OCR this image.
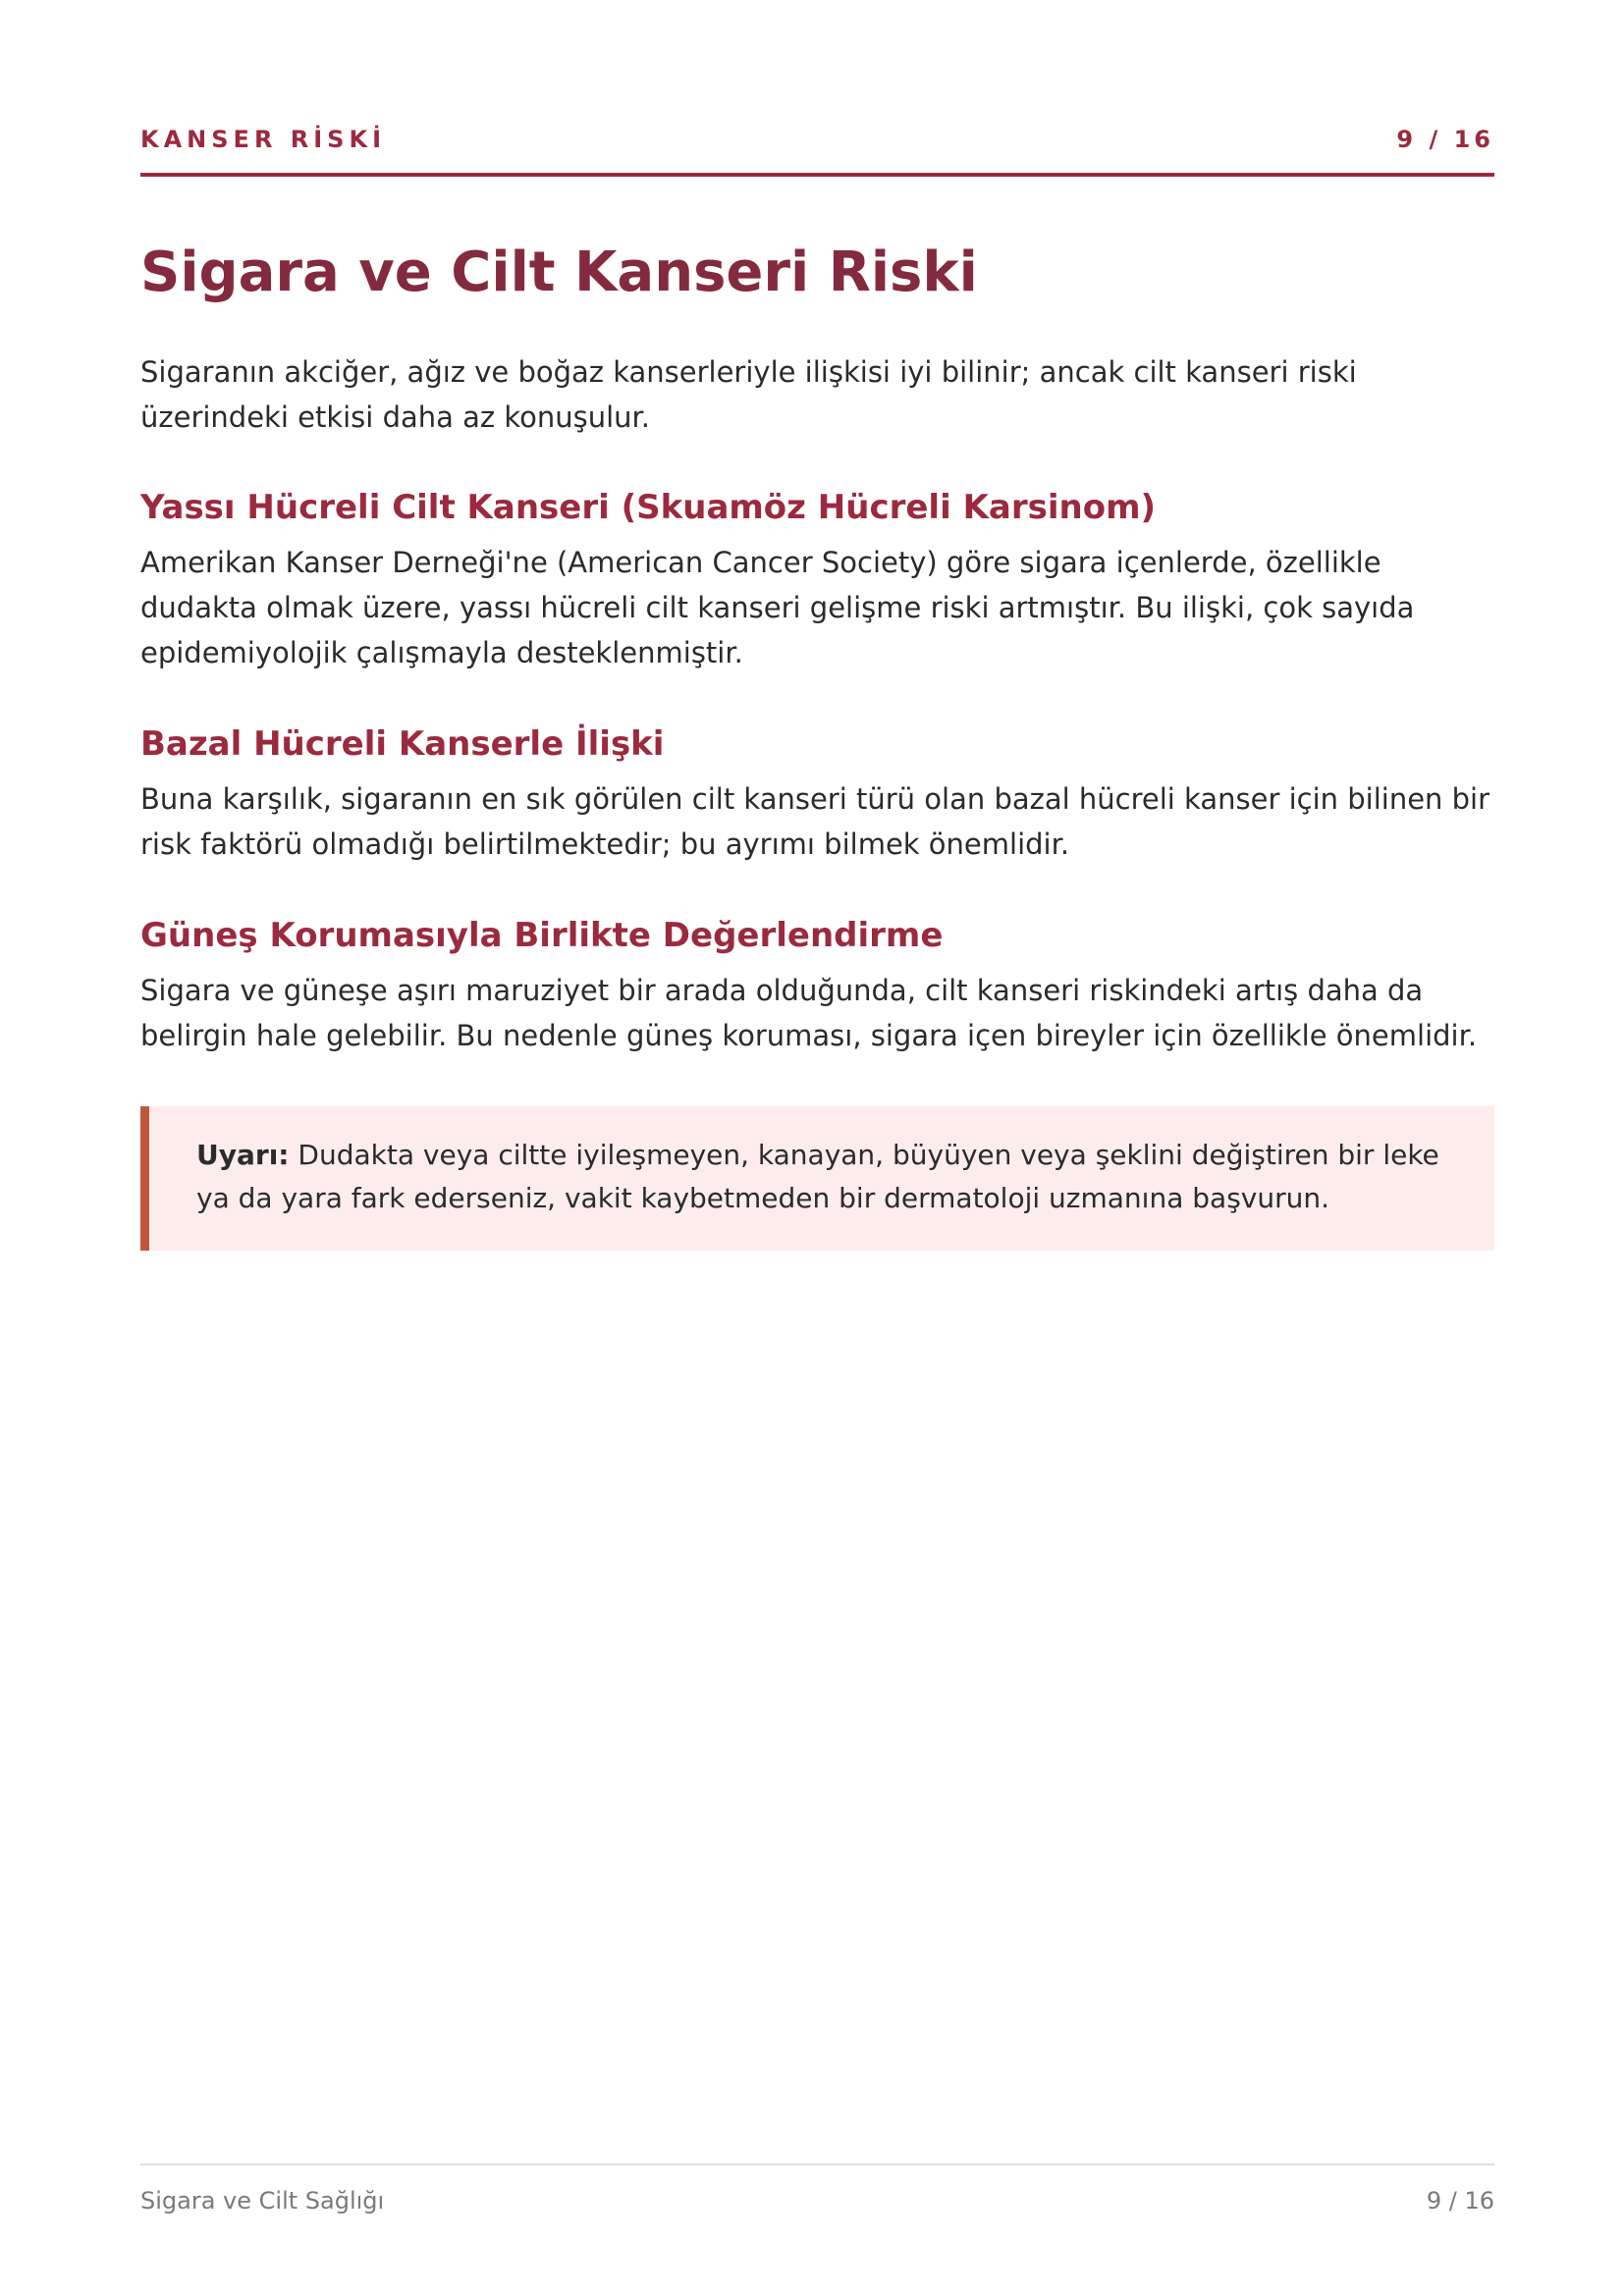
KANSER RİSKİ	9 / 16
Sigara ve Cilt Kanseri Riski

Sigaranın akciğer, ağız ve boğaz kanserleriyle ilişkisi iyi bilinir; ancak cilt kanseri riski üzerindeki etkisi daha az konuşulur.

Yassı Hücreli Cilt Kanseri (Skuamöz Hücreli Karsinom)

Amerikan Kanser Derneği'ne (American Cancer Society) göre sigara içenlerde, özellikle dudakta olmak üzere, yassı hücreli cilt kanseri gelişme riski artmıştır. Bu ilişki, çok sayıda epidemiyolojik çalışmayla desteklenmiştir.

Bazal Hücreli Kanserle İlişki

Buna karşılık, sigaranın en sık görülen cilt kanseri türü olan bazal hücreli kanser için bilinen bir risk faktörü olmadığı belirtilmektedir; bu ayrımı bilmek önemlidir.

Güneş Korumasıyla Birlikte Değerlendirme

Sigara ve güneşe aşırı maruziyet bir arada olduğunda, cilt kanseri riskindeki artış daha da belirgin hale gelebilir. Bu nedenle güneş koruması, sigara içen bireyler için özellikle önemlidir.

Uyarı: Dudakta veya ciltte iyileşmeyen, kanayan, büyüyen veya şeklini değiştiren bir leke ya da yara fark ederseniz, vakit kaybetmeden bir dermatoloji uzmanına başvurun.

Sigara ve Cilt Sağlığı	9 / 16
